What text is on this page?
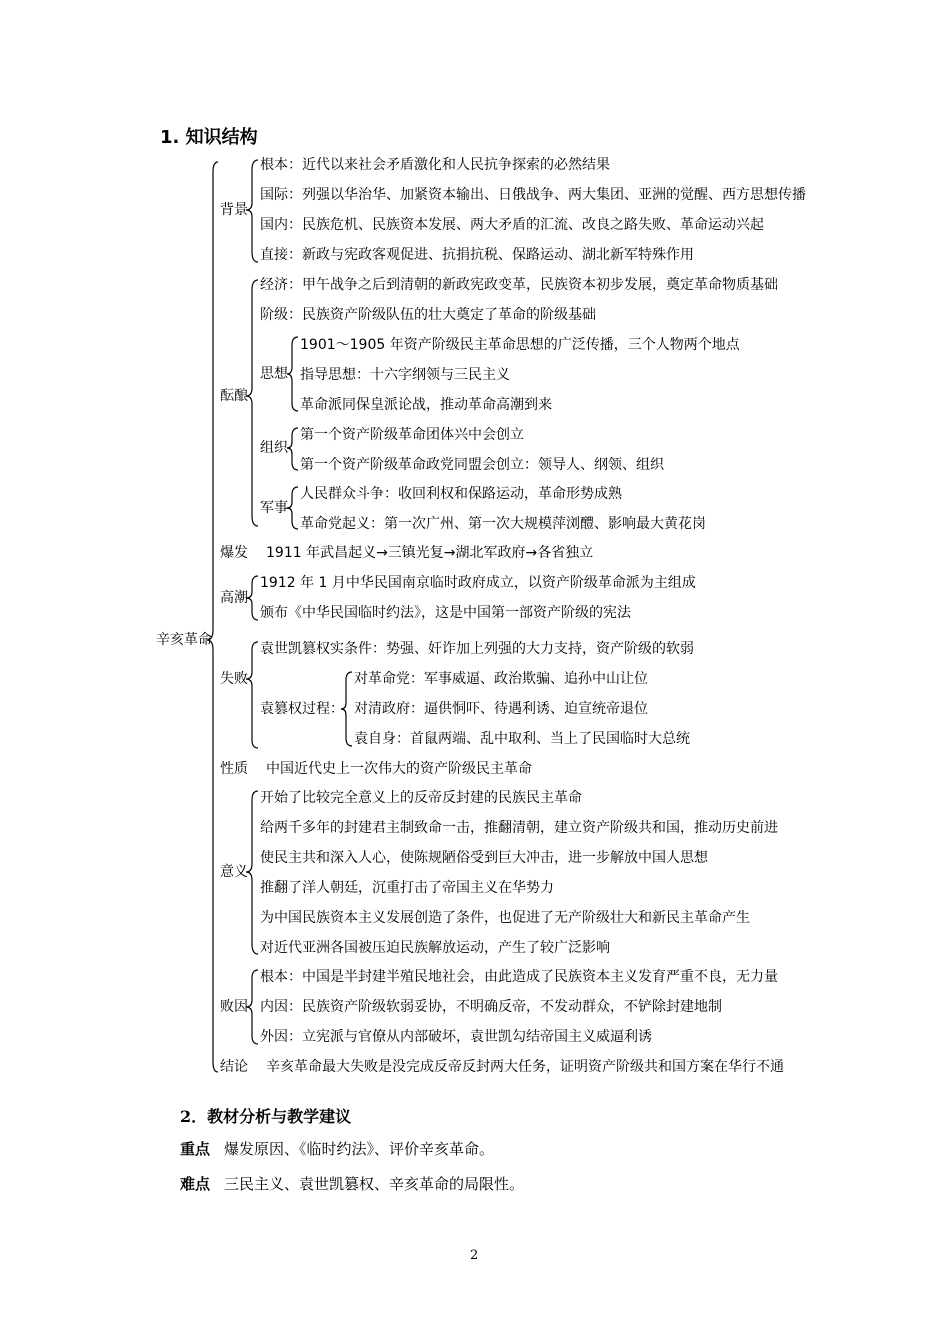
1. 知识结构
辛亥革命
背景
根本：近代以来社会矛盾激化和人民抗争探索的必然结果
国际：列强以华治华、加紧资本输出、日俄战争、两大集团、亚洲的觉醒、西方思想传播
国内：民族危机、民族资本发展、两大矛盾的汇流、改良之路失败、革命运动兴起
直接：新政与宪政客观促进、抗捐抗税、保路运动、湖北新军特殊作用
酝酿
经济：甲午战争之后到清朝的新政宪政变革，民族资本初步发展，奠定革命物质基础
阶级：民族资产阶级队伍的壮大奠定了革命的阶级基础
思想
1901～1905 年资产阶级民主革命思想的广泛传播，三个人物两个地点
指导思想：十六字纲领与三民主义
革命派同保皇派论战，推动革命高潮到来
组织
第一个资产阶级革命团体兴中会创立
第一个资产阶级革命政党同盟会创立：领导人、纲领、组织
军事
人民群众斗争：收回利权和保路运动，革命形势成熟
革命党起义：第一次广州、第一次大规模萍浏醴、影响最大黄花岗
爆发 1911 年武昌起义→三镇光复→湖北军政府→各省独立
高潮
1912 年 1 月中华民国南京临时政府成立，以资产阶级革命派为主组成
颁布《中华民国临时约法》，这是中国第一部资产阶级的宪法
失败
袁世凯篡权实条件：势强、奸诈加上列强的大力支持，资产阶级的软弱
袁篡权过程：
对革命党：军事威逼、政治欺骗、追孙中山让位
对清政府：逼供恫吓、待遇利诱、迫宣统帝退位
袁自身：首鼠两端、乱中取利、当上了民国临时大总统
性质 中国近代史上一次伟大的资产阶级民主革命
意义
开始了比较完全意义上的反帝反封建的民族民主革命
给两千多年的封建君主制致命一击，推翻清朝，建立资产阶级共和国，推动历史前进
使民主共和深入人心，使陈规陋俗受到巨大冲击，进一步解放中国人思想
推翻了洋人朝廷，沉重打击了帝国主义在华势力
为中国民族资本主义发展创造了条件，也促进了无产阶级壮大和新民主革命产生
对近代亚洲各国被压迫民族解放运动，产生了较广泛影响
败因
根本：中国是半封建半殖民地社会，由此造成了民族资本主义发育严重不良，无力量
内因：民族资产阶级软弱妥协，不明确反帝，不发动群众，不铲除封建地制
外因：立宪派与官僚从内部破坏，袁世凯勾结帝国主义威逼利诱
结论 辛亥革命最大失败是没完成反帝反封两大任务，证明资产阶级共和国方案在华行不通
2．教材分析与教学建议
重点 爆发原因、《临时约法》、评价辛亥革命。
难点 三民主义、袁世凯篡权、辛亥革命的局限性。
2
